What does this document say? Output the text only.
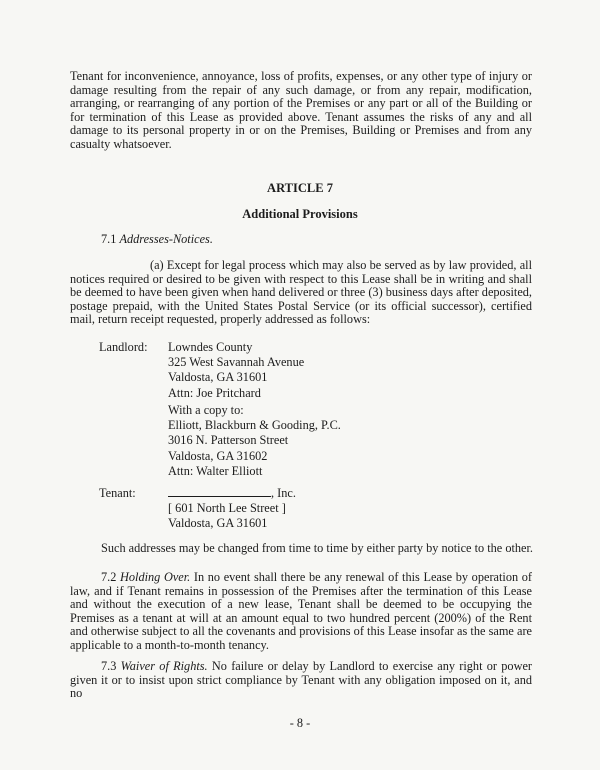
Tenant for inconvenience, annoyance, loss of profits, expenses, or any other type of injury or damage resulting from the repair of any such damage, or from any repair, modification, arranging, or rearranging of any portion of the Premises or any part or all of the Building or for termination of this Lease as provided above. Tenant assumes the risks of any and all damage to its personal property in or on the Premises, Building or Premises and from any casualty whatsoever.

ARTICLE 7

Additional Provisions

7.1 Addresses-Notices.

(a) Except for legal process which may also be served as by law provided, all notices required or desired to be given with respect to this Lease shall be in writing and shall be deemed to have been given when hand delivered or three (3) business days after deposited, postage prepaid, with the United States Postal Service (or its official successor), certified mail, return receipt requested, properly addressed as follows:

Landlord: Lowndes County
325 West Savannah Avenue
Valdosta, GA 31601
Attn: Joe Pritchard
With a copy to:
Elliott, Blackburn & Gooding, P.C.
3016 N. Patterson Street
Valdosta, GA 31602
Attn: Walter Elliott

Tenant:	, Inc.
[ 601 North Lee Street ]
Valdosta, GA 31601

Such addresses may be changed from time to time by either party by notice to the other.

7.2 Holding Over. In no event shall there be any renewal of this Lease by operation of law, and if Tenant remains in possession of the Premises after the termination of this Lease and without the execution of a new lease, Tenant shall be deemed to be occupying the Premises as a tenant at will at an amount equal to two hundred percent (200%) of the Rent and otherwise subject to all the covenants and provisions of this Lease insofar as the same are applicable to a month-to-month tenancy.

7.3 Waiver of Rights. No failure or delay by Landlord to exercise any right or power given it or to insist upon strict compliance by Tenant with any obligation imposed on it, and no

- 8 -
